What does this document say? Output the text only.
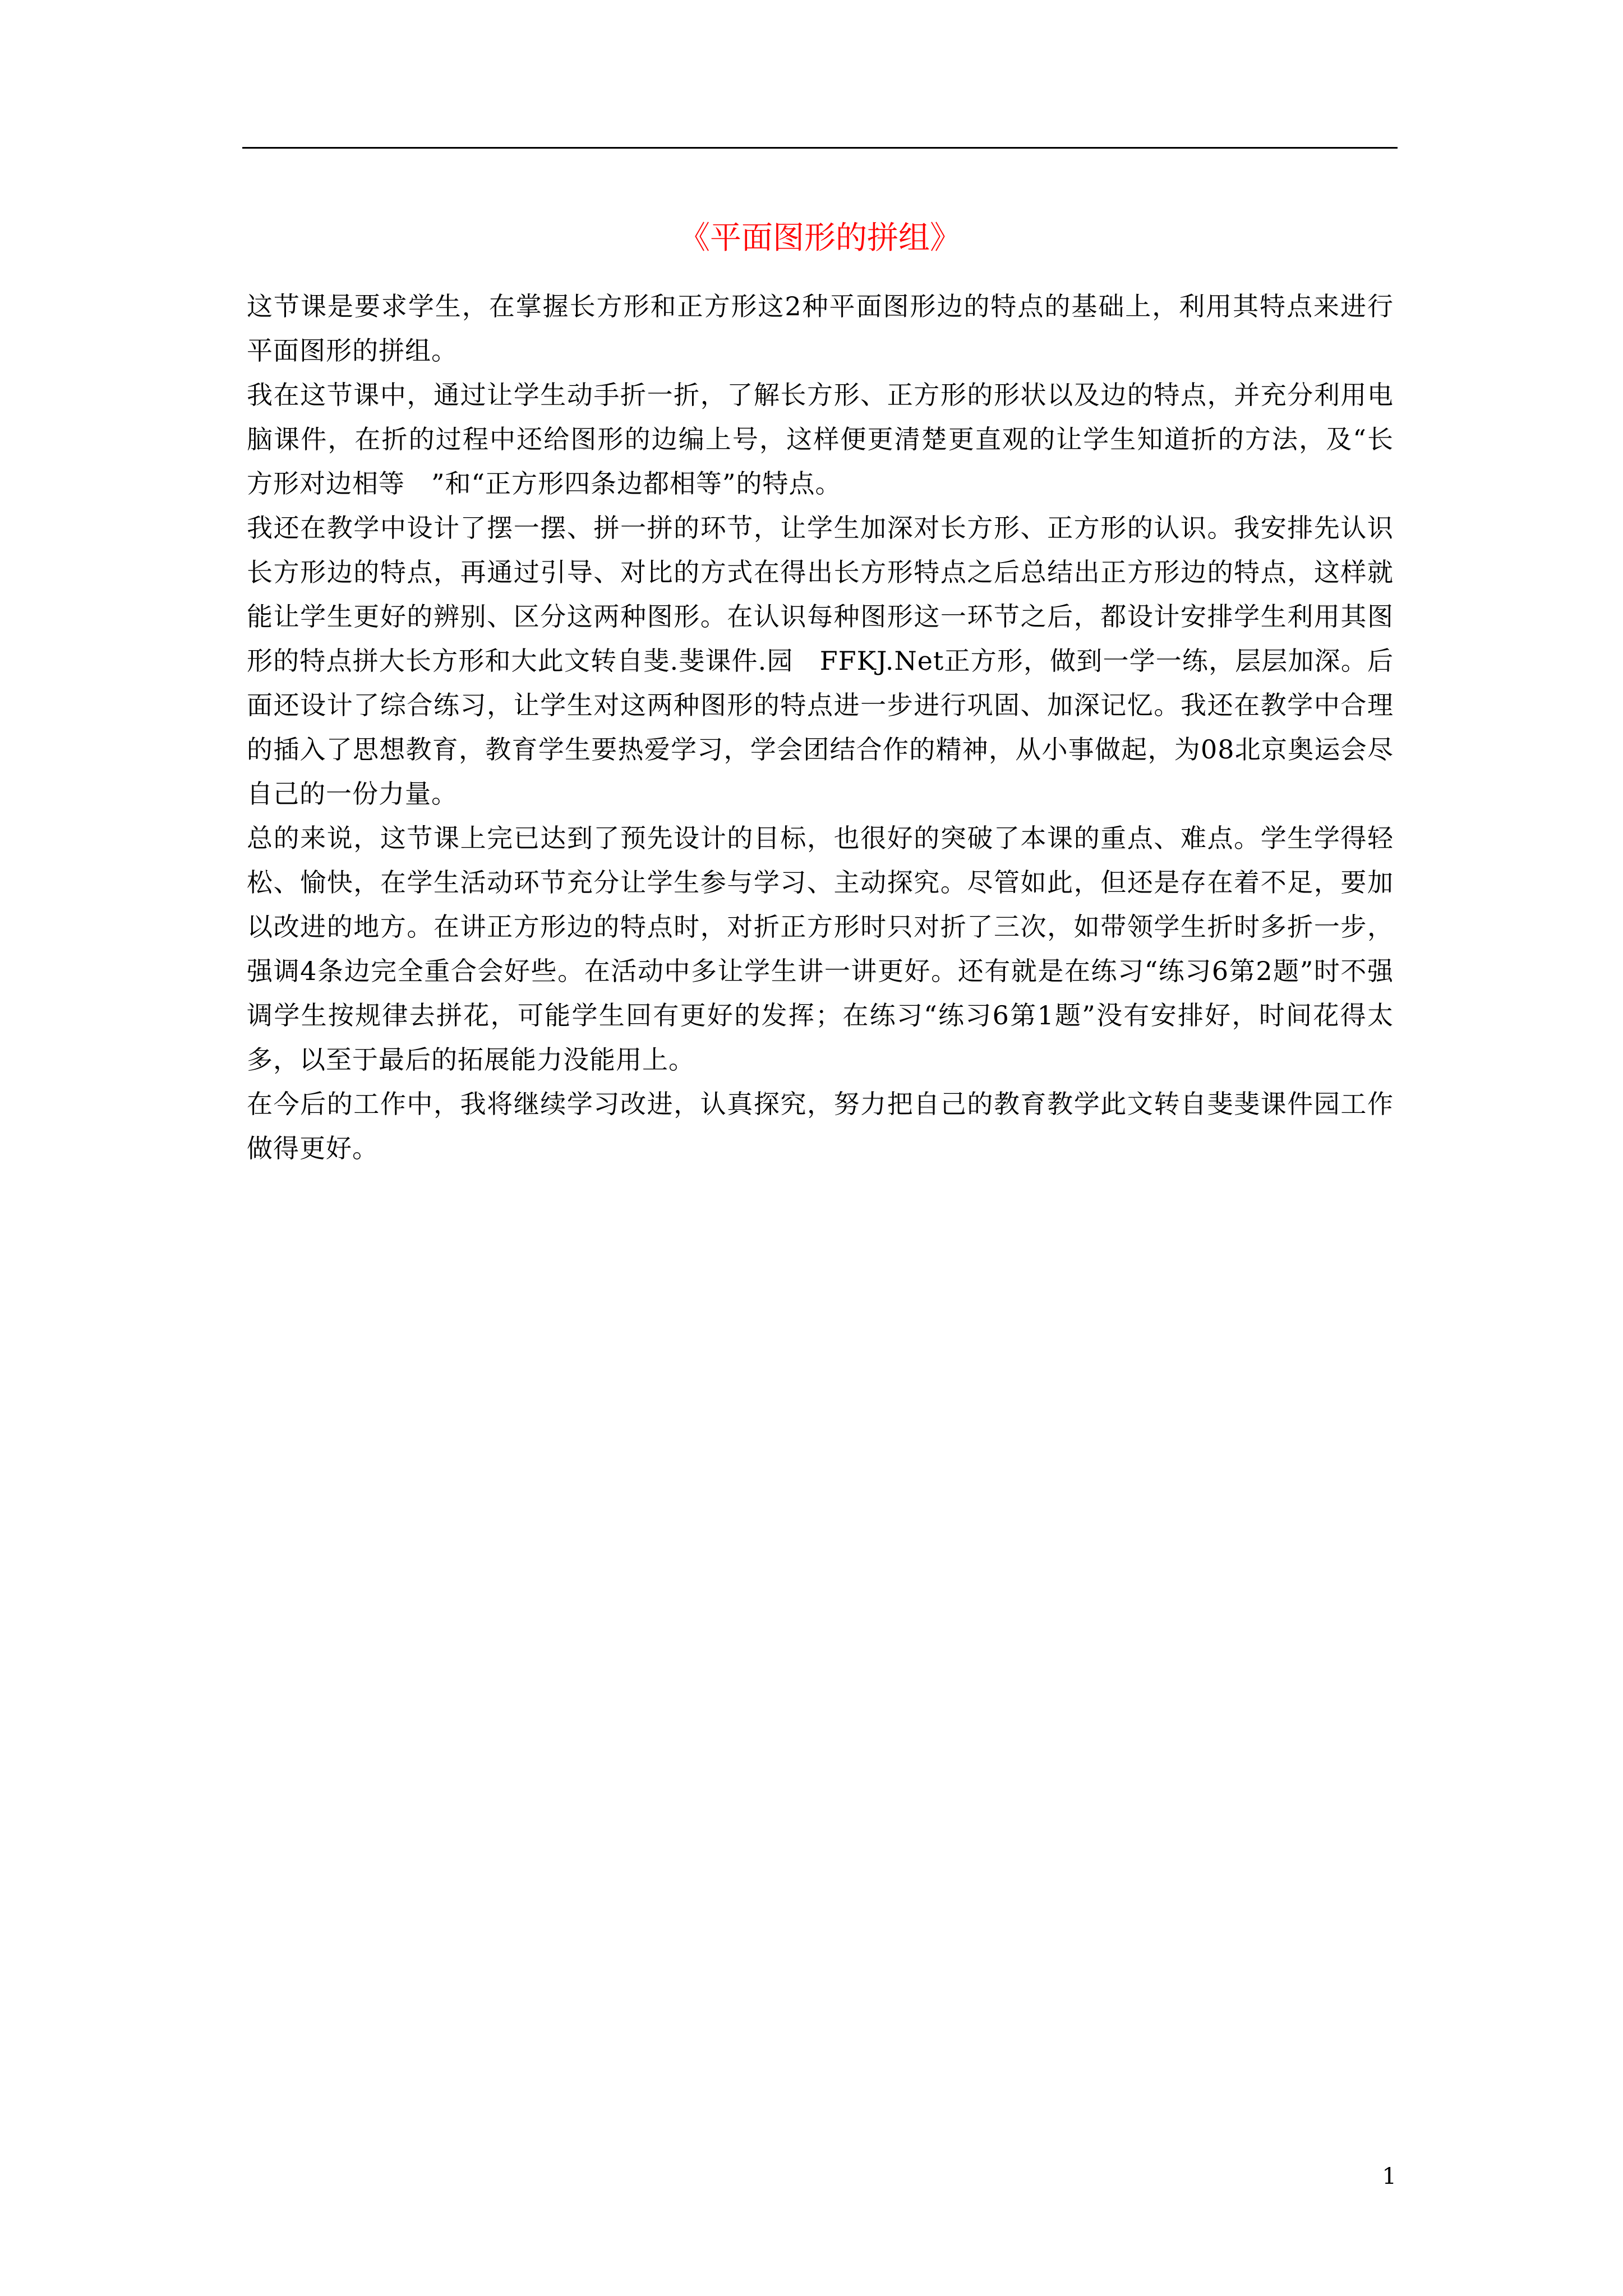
《平面图形的拼组》

这节课是要求学生，在掌握长方形和正方形这2种平面图形边的特点的基础上，利用其特点来进行平面图形的拼组。

我在这节课中，通过让学生动手折一折，了解长方形、正方形的形状以及边的特点，并充分利用电脑课件，在折的过程中还给图形的边编上号，这样便更清楚更直观的让学生知道折的方法，及“长方形对边相等　”和“正方形四条边都相等”的特点。

我还在教学中设计了摆一摆、拼一拼的环节，让学生加深对长方形、正方形的认识。我安排先认识长方形边的特点，再通过引导、对比的方式在得出长方形特点之后总结出正方形边的特点，这样就能让学生更好的辨别、区分这两种图形。在认识每种图形这一环节之后，都设计安排学生利用其图形的特点拼大长方形和大此文转自斐.斐课件.园　FFKJ.Net正方形，做到一学一练，层层加深。后面还设计了综合练习，让学生对这两种图形的特点进一步进行巩固、加深记忆。我还在教学中合理的插入了思想教育，教育学生要热爱学习，学会团结合作的精神，从小事做起，为08北京奥运会尽自己的一份力量。

总的来说，这节课上完已达到了预先设计的目标，也很好的突破了本课的重点、难点。学生学得轻松、愉快，在学生活动环节充分让学生参与学习、主动探究。尽管如此，但还是存在着不足，要加以改进的地方。在讲正方形边的特点时，对折正方形时只对折了三次，如带领学生折时多折一步，强调4条边完全重合会好些。在活动中多让学生讲一讲更好。还有就是在练习“练习6第2题”时不强调学生按规律去拼花，可能学生回有更好的发挥；在练习“练习6第1题”没有安排好，时间花得太多，以至于最后的拓展能力没能用上。

在今后的工作中，我将继续学习改进，认真探究，努力把自己的教育教学此文转自斐斐课件园工作做得更好。

1
